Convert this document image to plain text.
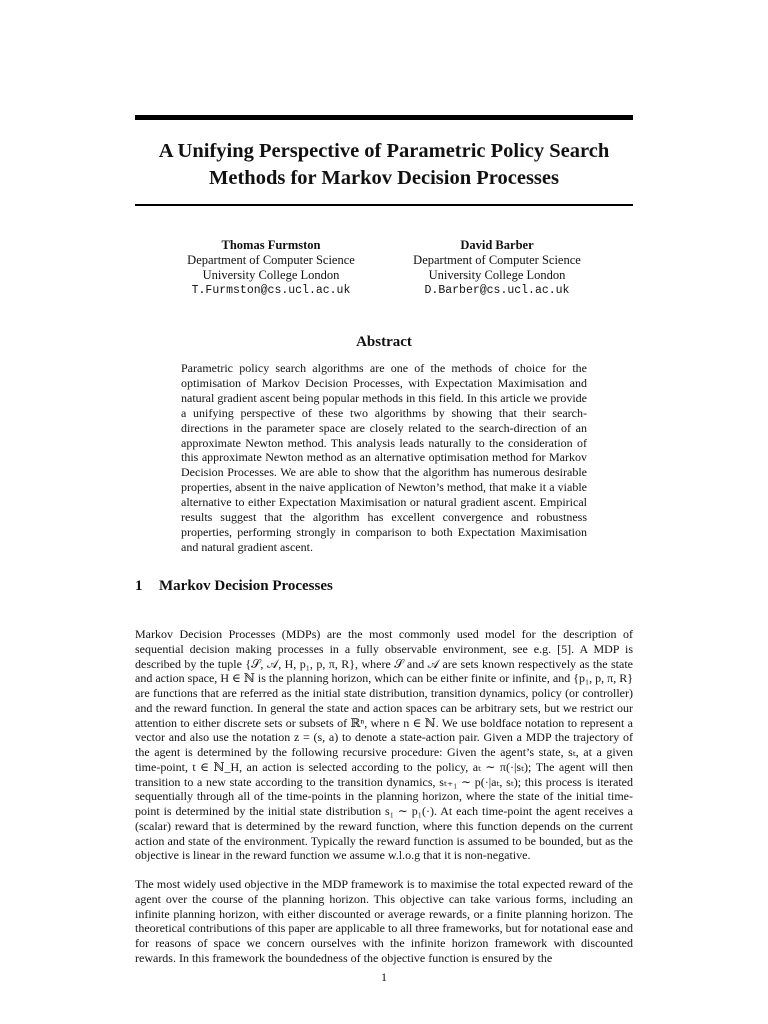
A Unifying Perspective of Parametric Policy Search Methods for Markov Decision Processes
Thomas Furmston
Department of Computer Science
University College London
T.Furmston@cs.ucl.ac.uk
David Barber
Department of Computer Science
University College London
D.Barber@cs.ucl.ac.uk
Abstract

Parametric policy search algorithms are one of the methods of choice for the optimisation of Markov Decision Processes, with Expectation Maximisation and natural gradient ascent being popular methods in this field. In this article we provide a unifying perspective of these two algorithms by showing that their search-directions in the parameter space are closely related to the search-direction of an approximate Newton method. This analysis leads naturally to the consideration of this approximate Newton method as an alternative optimisation method for Markov Decision Processes. We are able to show that the algorithm has numerous desirable properties, absent in the naive application of Newton’s method, that make it a viable alternative to either Expectation Maximisation or natural gradient ascent. Empirical results suggest that the algorithm has excellent convergence and robustness properties, performing strongly in comparison to both Expectation Maximisation and natural gradient ascent.

1 Markov Decision Processes

Markov Decision Processes (MDPs) are the most commonly used model for the description of sequential decision making processes in a fully observable environment, see e.g. [5]. A MDP is described by the tuple {𝒮, 𝒜, H, p₁, p, π, R}, where 𝒮 and 𝒜 are sets known respectively as the state and action space, H ∈ ℕ is the planning horizon, which can be either finite or infinite, and {p₁, p, π, R} are functions that are referred as the initial state distribution, transition dynamics, policy (or controller) and the reward function. In general the state and action spaces can be arbitrary sets, but we restrict our attention to either discrete sets or subsets of ℝⁿ, where n ∈ ℕ. We use boldface notation to represent a vector and also use the notation z = (s, a) to denote a state-action pair. Given a MDP the trajectory of the agent is determined by the following recursive procedure: Given the agent’s state, sₜ, at a given time-point, t ∈ ℕ_H, an action is selected according to the policy, aₜ ∼ π(·|sₜ); The agent will then transition to a new state according to the transition dynamics, sₜ₊₁ ∼ p(·|aₜ, sₜ); this process is iterated sequentially through all of the time-points in the planning horizon, where the state of the initial time-point is determined by the initial state distribution s₁ ∼ p₁(·). At each time-point the agent receives a (scalar) reward that is determined by the reward function, where this function depends on the current action and state of the environment. Typically the reward function is assumed to be bounded, but as the objective is linear in the reward function we assume w.l.o.g that it is non-negative.

The most widely used objective in the MDP framework is to maximise the total expected reward of the agent over the course of the planning horizon. This objective can take various forms, including an infinite planning horizon, with either discounted or average rewards, or a finite planning horizon. The theoretical contributions of this paper are applicable to all three frameworks, but for notational ease and for reasons of space we concern ourselves with the infinite horizon framework with discounted rewards. In this framework the boundedness of the objective function is ensured by the

1
